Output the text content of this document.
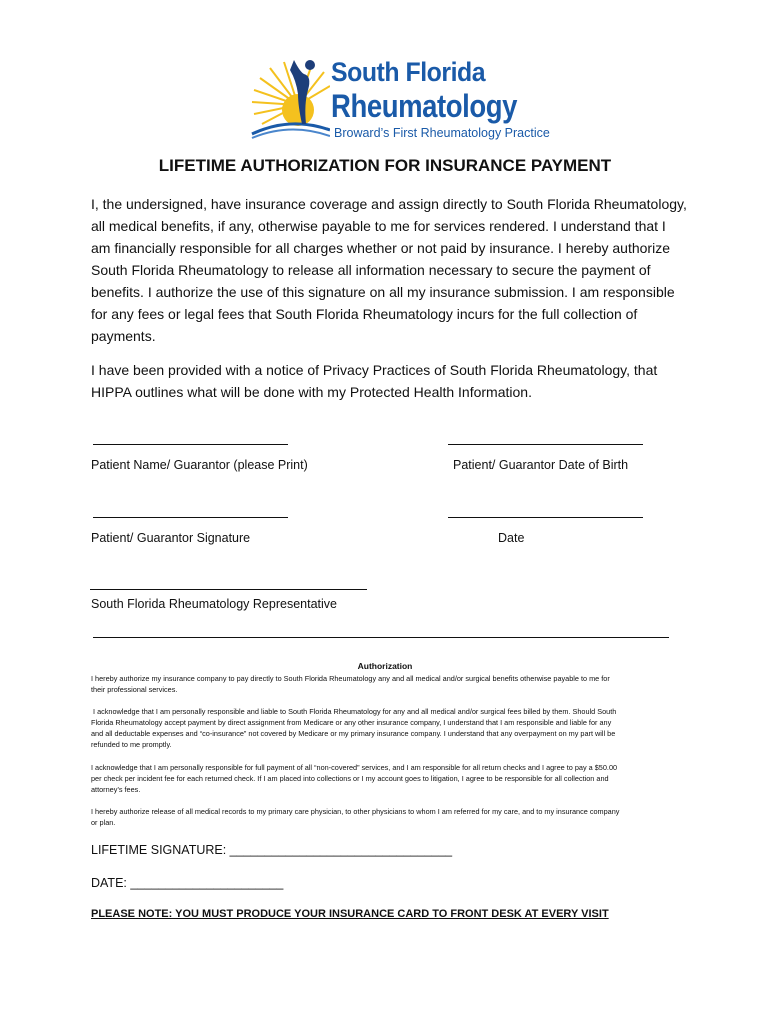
South Florida
Rheumatology
Broward’s First Rheumatology Practice
LIFETIME AUTHORIZATION FOR INSURANCE PAYMENT

I, the undersigned, have insurance coverage and assign directly to South Florida Rheumatology,

all medical benefits, if any, otherwise payable to me for services rendered. I understand that I

am financially responsible for all charges whether or not paid by insurance. I hereby authorize

South Florida Rheumatology to release all information necessary to secure the payment of

benefits. I authorize the use of this signature on all my insurance submission. I am responsible

for any fees or legal fees that South Florida Rheumatology incurs for the full collection of

payments.

I have been provided with a notice of Privacy Practices of South Florida Rheumatology, that

HIPPA outlines what will be done with my Protected Health Information.

Patient Name/ Guarantor (please Print)	Patient/ Guarantor Date of Birth
Patient/ Guarantor Signature	Date
South Florida Rheumatology Representative
Authorization

I hereby authorize my insurance company to pay directly to South Florida Rheumatology any and all medical and/or surgical benefits otherwise payable to me for

their professional services.

I acknowledge that I am personally responsible and liable to South Florida Rheumatology for any and all medical and/or surgical fees billed by them. Should South

Florida Rheumatology accept payment by direct assignment from Medicare or any other insurance company, I understand that I am responsible and liable for any

and all deductable expenses and “co-insurance” not covered by Medicare or my primary insurance company. I understand that any overpayment on my part will be

refunded to me promptly.

I acknowledge that I am personally responsible for full payment of all “non-covered” services, and I am responsible for all return checks and I agree to pay a $50.00

per check per incident fee for each returned check. If I am placed into collections or I my account goes to litigation, I agree to be responsible for all collection and

attorney’s fees.

I hereby authorize release of all medical records to my primary care physician, to other physicians to whom I am referred for my care, and to my insurance company

or plan.

LIFETIME SIGNATURE: ________________________________
DATE: ______________________
PLEASE NOTE: YOU MUST PRODUCE YOUR INSURANCE CARD TO FRONT DESK AT EVERY VISIT
